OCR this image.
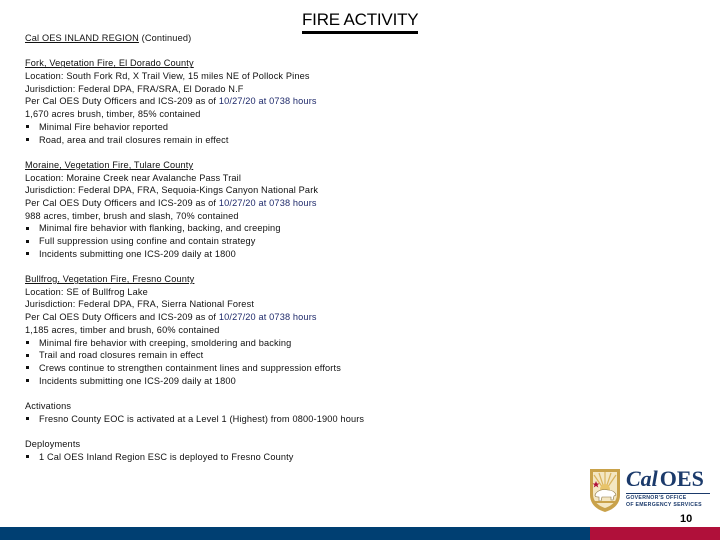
FIRE ACTIVITY
Cal OES INLAND REGION (Continued)
Fork, Vegetation Fire, El Dorado County
Location: South Fork Rd, X Trail View, 15 miles NE of Pollock Pines
Jurisdiction: Federal DPA, FRA/SRA, El Dorado N.F
Per Cal OES Duty Officers and ICS-209 as of 10/27/20 at 0738 hours
1,670 acres brush, timber, 85% contained
Minimal Fire behavior reported
Road, area and trail closures remain in effect
Moraine, Vegetation Fire, Tulare County
Location: Moraine Creek near Avalanche Pass Trail
Jurisdiction: Federal DPA, FRA, Sequoia-Kings Canyon National Park
Per Cal OES Duty Officers and ICS-209 as of 10/27/20 at 0738 hours
988 acres, timber, brush and slash, 70% contained
Minimal fire behavior with flanking, backing, and creeping
Full suppression using confine and contain strategy
Incidents submitting one ICS-209 daily at 1800
Bullfrog, Vegetation Fire, Fresno County
Location: SE of Bullfrog Lake
Jurisdiction: Federal DPA, FRA, Sierra National Forest
Per Cal OES Duty Officers and ICS-209 as of 10/27/20 at 0738 hours
1,185 acres, timber and brush, 60% contained
Minimal fire behavior with creeping, smoldering and backing
Trail and road closures remain in effect
Crews continue to strengthen containment lines and suppression efforts
Incidents submitting one ICS-209 daily at 1800
Activations
Fresno County EOC is activated at a Level 1 (Highest) from 0800-1900 hours
Deployments
1 Cal OES Inland Region ESC is deployed to Fresno County
CalOES
GOVERNOR'S OFFICE
OF EMERGENCY SERVICES
10
